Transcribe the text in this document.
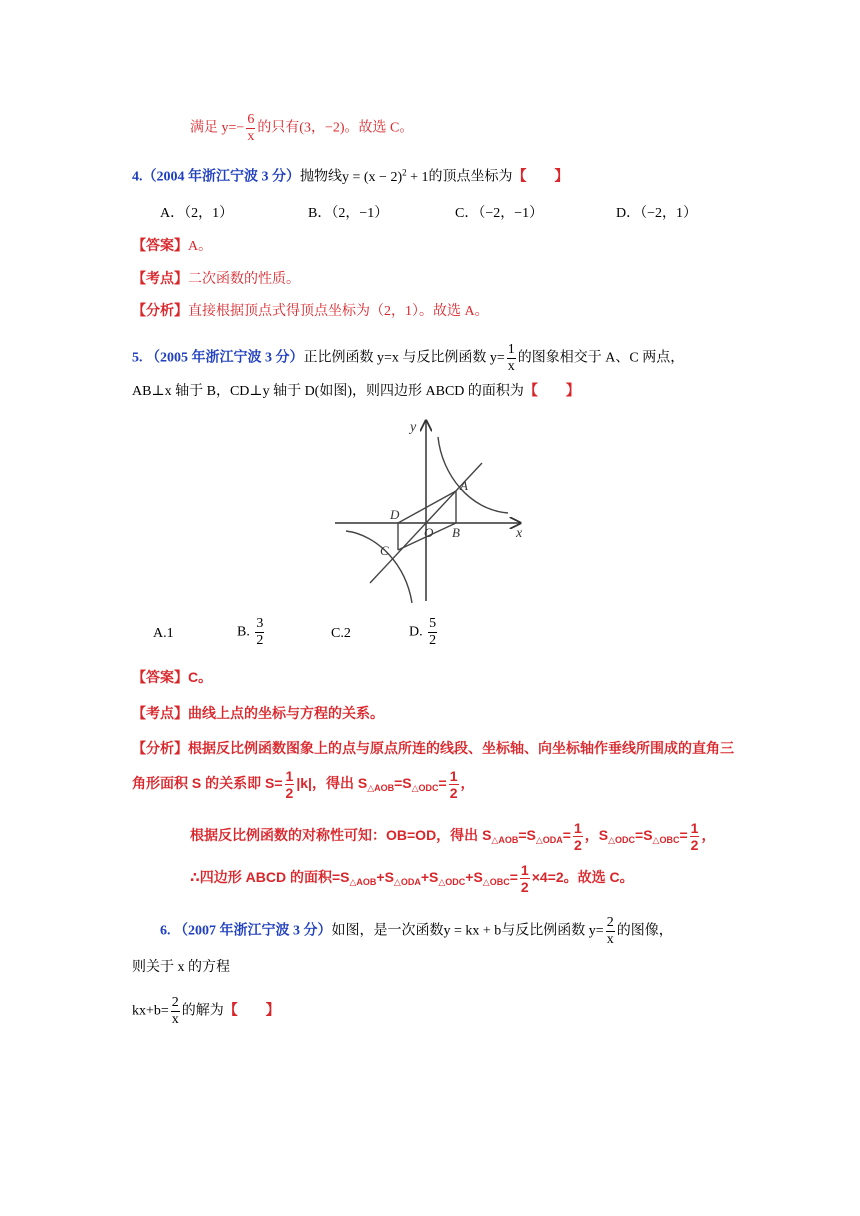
满足 $y=- \frac{6}{x}$ 的只有(3，−2)。故选 C。
4.（2004 年浙江宁波 3 分）抛物线$y = (x - 2)^2 + 1$的顶点坐标为【　　】
A．（2，1）	B．（2，−1）	C．（−2，−1）	D．（−2，1）
【答案】A。
【考点】二次函数的性质。
【分析】直接根据顶点式得顶点坐标为（2，1）。故选 A。
5. （2005 年浙江宁波 3 分）正比例函数 y=x 与反比例函数 $y= \frac{1}{x}$ 的图象相交于 A、C 两点，
AB⊥x 轴于 B，CD⊥y 轴于 D(如图)，则四边形 ABCD 的面积为【　　】
y
x
A
B
C
D
O
A.1	B. $\frac{3}{2}$	C.2	D. $\frac{5}{2}$
【答案】C。
【考点】曲线上点的坐标与方程的关系。
【分析】根据反比例函数图象上的点与原点所连的线段、坐标轴、向坐标轴作垂线所围成的直角三
角形面积 S 的关系即 $S= \frac{1}{2} |k|$，得出 $S_{\triangle AOB}=S_{\triangle ODC}= \frac{1}{2}$ ，
根据反比例函数的对称性可知：OB=OD，得出 $S_{\triangle AOB}=S_{\triangle ODA}= \frac{1}{2}$ ，$S_{\triangle ODC}=S_{\triangle OBC}= \frac{1}{2}$ ，
∴四边形 ABCD 的面积$=S_{\triangle AOB}+S_{\triangle ODA}+S_{\triangle ODC}+S_{\triangle OBC}= \frac{1}{2} \times 4=2$。故选 C。
6. （2007 年浙江宁波 3 分）如图，是一次函数y = kx + b与反比例函数 $y= \frac{2}{x}$ 的图像，
则关于 x 的方程
$kx+b= \frac{2}{x}$ 的解为【　　】
